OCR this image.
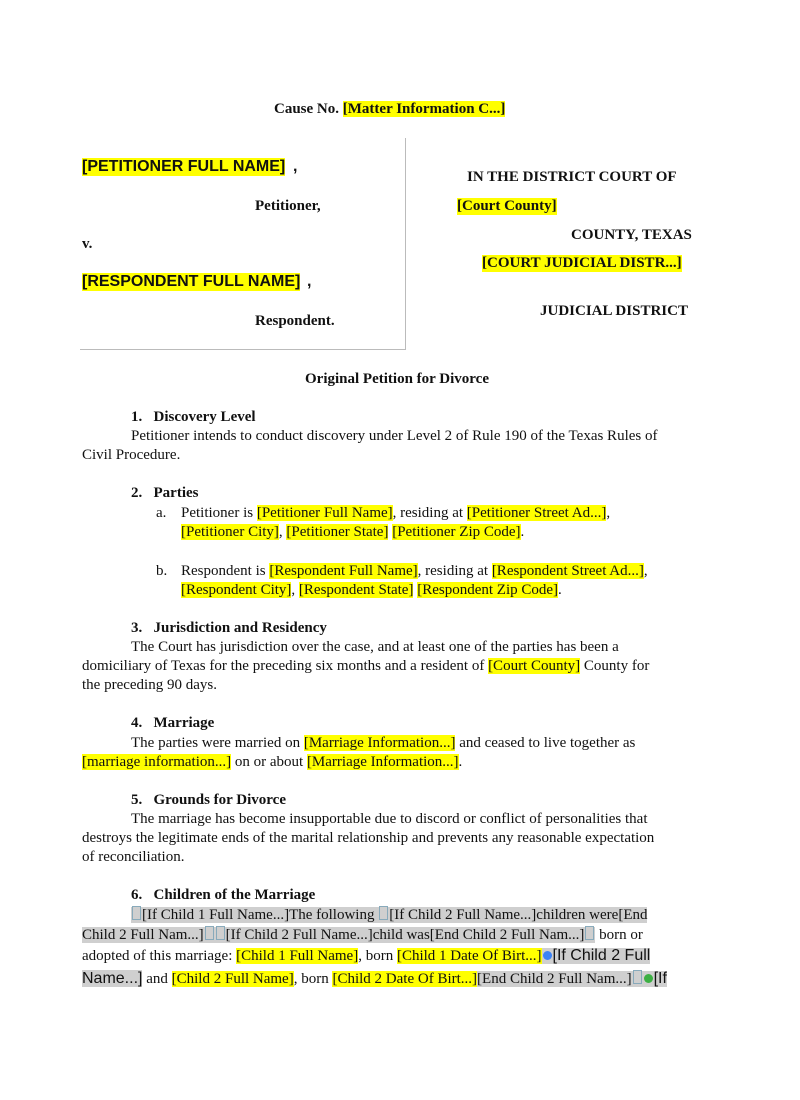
Cause No. [Matter Information C...]
[PETITIONER FULL NAME] ,
Petitioner,
v.
[RESPONDENT FULL NAME] ,
Respondent.
IN THE DISTRICT COURT OF
[Court County]
COUNTY, TEXAS
[COURT JUDICIAL DISTR...]
JUDICIAL DISTRICT
Original Petition for Divorce
1.   Discovery Level
Petitioner intends to conduct discovery under Level 2 of Rule 190 of the Texas Rules of
Civil Procedure.
2.   Parties
a. Petitioner is [Petitioner Full Name], residing at [Petitioner Street Ad...],
[Petitioner City], [Petitioner State] [Petitioner Zip Code].
b. Respondent is [Respondent Full Name], residing at [Respondent Street Ad...],
[Respondent City], [Respondent State] [Respondent Zip Code].
3.   Jurisdiction and Residency
The Court has jurisdiction over the case, and at least one of the parties has been a
domiciliary of Texas for the preceding six months and a resident of [Court County] County for
the preceding 90 days.
4.   Marriage
The parties were married on [Marriage Information...] and ceased to live together as
[marriage information...] on or about [Marriage Information...].
5.   Grounds for Divorce
The marriage has become insupportable due to discord or conflict of personalities that
destroys the legitimate ends of the marital relationship and prevents any reasonable expectation
of reconciliation.
6.   Children of the Marriage
[If Child 1 Full Name...]The following [If Child 2 Full Name...]children were[End
Child 2 Full Nam...] [If Child 2 Full Name...]child was[End Child 2 Full Nam...] born or
adopted of this marriage: [Child 1 Full Name], born [Child 1 Date Of Birt...] [If Child 2 Full
Name...] and [Child 2 Full Name], born [Child 2 Date Of Birt...][End Child 2 Full Nam...] [If
